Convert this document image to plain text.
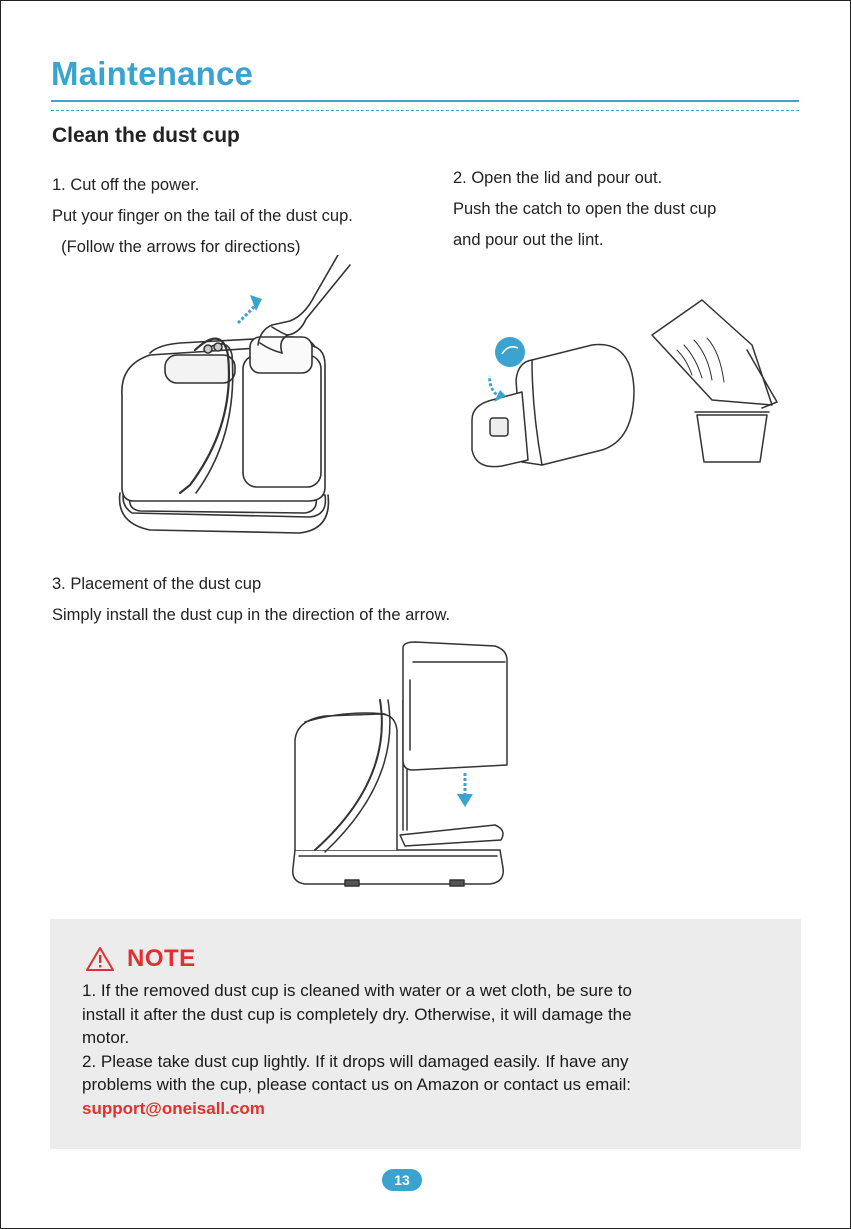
Maintenance
Clean the dust cup
1. Cut off the power.
Put your finger on the tail of the dust cup.
(Follow the arrows for directions)
2. Open the lid and pour out.
Push the catch to open the dust cup
and pour out the lint.
3. Placement of the dust cup
Simply install the dust cup in the direction of the arrow.
NOTE
1. If the removed dust cup is cleaned with water or a wet cloth, be sure to
install it after the dust cup is completely dry. Otherwise, it will damage the
motor.
2. Please take dust cup lightly. If it drops will damaged easily. If have any
problems with the cup, please contact us on Amazon or contact us email:
support@oneisall.com
13
